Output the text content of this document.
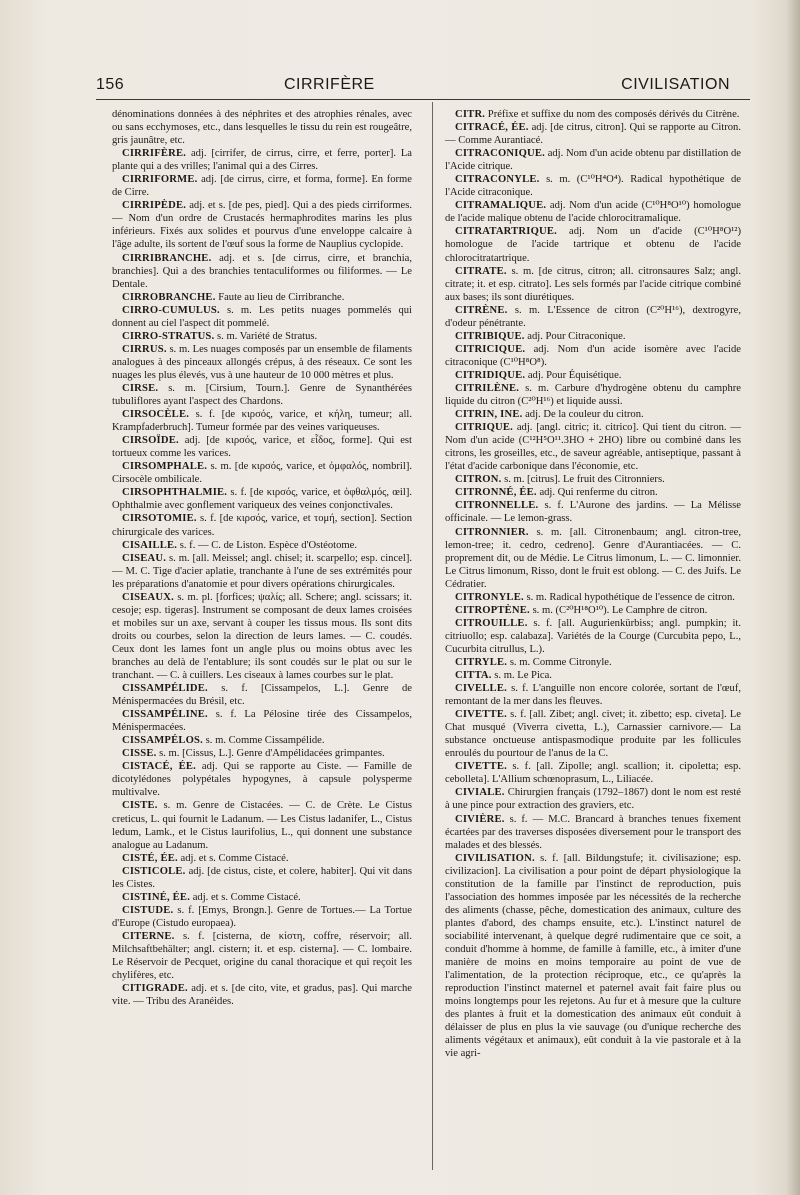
156	CIRRIFÈRE	CIVILISATION

dénominations données à des néphrites et des atrophies rénales, avec ou sans ecchymoses, etc., dans lesquelles le tissu du rein est rougeâtre, gris jaunâtre, etc.

CIRRIFÈRE. adj. [cirrifer, de cirrus, cirre, et ferre, porter]. La plante qui a des vrilles; l'animal qui a des Cirres.

CIRRIFORME. adj. [de cirrus, cirre, et forma, forme]. En forme de Cirre.

CIRRIPÈDE. adj. et s. [de pes, pied]. Qui a des pieds cirriformes. — Nom d'un ordre de Crustacés hermaphrodites marins les plus inférieurs. Fixés aux solides et pourvus d'une enveloppe calcaire à l'âge adulte, ils sortent de l'œuf sous la forme de Nauplius cyclopide.

CIRRIBRANCHE. adj. et s. [de cirrus, cirre, et branchia, branchies]. Qui a des branchies tentaculiformes ou filiformes. — Le Dentale.

CIRROBRANCHE. Faute au lieu de Cirribranche.

CIRRO-CUMULUS. s. m. Les petits nuages pommelés qui donnent au ciel l'aspect dit pommelé.

CIRRO-STRATUS. s. m. Variété de Stratus.

CIRRUS. s. m. Les nuages composés par un ensemble de filaments analogues à des pinceaux allongés crépus, à des réseaux. Ce sont les nuages les plus élevés, vus à une hauteur de 10 000 mètres et plus.

CIRSE. s. m. [Cirsium, Tourn.]. Genre de Synanthérées tubuliflores ayant l'aspect des Chardons.

CIRSOCÈLE. s. f. [de κιρσός, varice, et κήλη, tumeur; all. Krampfaderbruch]. Tumeur formée par des veines variqueuses.

CIRSOÏDE. adj. [de κιρσός, varice, et εἶδος, forme]. Qui est tortueux comme les varices.

CIRSOMPHALE. s. m. [de κιρσός, varice, et ὀμφαλός, nombril]. Cirsocèle ombilicale.

CIRSOPHTHALMIE. s. f. [de κιρσός, varice, et ὀφθαλμός, œil]. Ophthalmie avec gonflement variqueux des veines conjonctivales.

CIRSOTOMIE. s. f. [de κιρσός, varice, et τομή, section]. Section chirurgicale des varices.

CISAILLE. s. f. — C. de Liston. Espèce d'Ostéotome.

CISEAU. s. m. [all. Meissel; angl. chisel; it. scarpello; esp. cincel]. — M. C. Tige d'acier aplatie, tranchante à l'une de ses extrémités pour les préparations d'anatomie et pour divers opérations chirurgicales.

CISEAUX. s. m. pl. [forfices; ψαλίς; all. Schere; angl. scissars; it. cesoje; esp. tigeras]. Instrument se composant de deux lames croisées et mobiles sur un axe, servant à couper les tissus mous. Ils sont dits droits ou courbes, selon la direction de leurs lames. — C. coudés. Ceux dont les lames font un angle plus ou moins obtus avec les branches au delà de l'entablure; ils sont coudés sur le plat ou sur le tranchant. — C. à cuillers. Les ciseaux à lames courbes sur le plat.

CISSAMPÉLIDE. s. f. [Cissampelos, L.]. Genre de Ménispermacées du Brésil, etc.

CISSAMPÉLINE. s. f. La Pélosine tirée des Cissampelos, Ménispermacées.

CISSAMPÉLOS. s. m. Comme Cissampélide.

CISSE. s. m. [Cissus, L.]. Genre d'Ampélidacées grimpantes.

CISTACÉ, ÉE. adj. Qui se rapporte au Ciste. — Famille de dicotylédones polypétales hypogynes, à capsule polysperme multivalve.

CISTE. s. m. Genre de Cistacées. — C. de Crète. Le Cistus creticus, L. qui fournit le Ladanum. — Les Cistus ladanifer, L., Cistus ledum, Lamk., et le Cistus laurifolius, L., qui donnent une substance analogue au Ladanum.

CISTÉ, ÉE. adj. et s. Comme Cistacé.

CISTICOLE. adj. [de cistus, ciste, et colere, habiter]. Qui vit dans les Cistes.

CISTINÉ, ÉE. adj. et s. Comme Cistacé.

CISTUDE. s. f. [Emys, Brongn.]. Genre de Tortues.— La Tortue d'Europe (Cistudo europaea).

CITERNE. s. f. [cisterna, de κίστη, coffre, réservoir; all. Milchsaftbehälter; angl. cistern; it. et esp. cisterna]. — C. lombaire. Le Réservoir de Pecquet, origine du canal thoracique et qui reçoit les chylifères, etc.

CITIGRADE. adj. et s. [de cito, vite, et gradus, pas]. Qui marche vite. — Tribu des Aranéides.

CITR. Préfixe et suffixe du nom des composés dérivés du Citrène.

CITRACÉ, ÉE. adj. [de citrus, citron]. Qui se rapporte au Citron. — Comme Aurantiacé.

CITRACONIQUE. adj. Nom d'un acide obtenu par distillation de l'Acide citrique.

CITRACONYLE. s. m. (C¹⁰H⁴O⁴). Radical hypothétique de l'Acide citraconique.

CITRAMALIQUE. adj. Nom d'un acide (C¹⁰H⁸O¹⁰) homologue de l'acide malique obtenu de l'acide chlorocitramalique.

CITRATARTRIQUE. adj. Nom un d'acide (C¹⁰H⁸O¹²) homologue de l'acide tartrique et obtenu de l'acide chlorocitratartrique.

CITRATE. s. m. [de citrus, citron; all. citronsaures Salz; angl. citrate; it. et esp. citrato]. Les sels formés par l'acide citrique combiné aux bases; ils sont diurétiques.

CITRÈNE. s. m. L'Essence de citron (C²⁰H¹⁶), dextrogyre, d'odeur pénétrante.

CITRIBIQUE. adj. Pour Citraconique.

CITRICIQUE. adj. Nom d'un acide isomère avec l'acide citraconique (C¹⁰H⁸O⁸).

CITRIDIQUE. adj. Pour Équisétique.

CITRILÈNE. s. m. Carbure d'hydrogène obtenu du camphre liquide du citron (C²⁰H¹⁶) et liquide aussi.

CITRIN, INE. adj. De la couleur du citron.

CITRIQUE. adj. [angl. citric; it. citrico]. Qui tient du citron. — Nom d'un acide (C¹²H⁵O¹¹.3HO + 2HO) libre ou combiné dans les citrons, les groseilles, etc., de saveur agréable, antiseptique, passant à l'état d'acide carbonique dans l'économie, etc.

CITRON. s. m. [citrus]. Le fruit des Citronniers.

CITRONNÉ, ÉE. adj. Qui renferme du citron.

CITRONNELLE. s. f. L'Aurone des jardins. — La Mélisse officinale. — Le lemon-grass.

CITRONNIER. s. m. [all. Citronenbaum; angl. citron-tree, lemon-tree; it. cedro, cedreno]. Genre d'Aurantiacées. — C. proprement dit, ou de Médie. Le Citrus limonum, L. — C. limonnier. Le Citrus limonum, Risso, dont le fruit est oblong. — C. des Juifs. Le Cédratier.

CITRONYLE. s. m. Radical hypothétique de l'essence de citron.

CITROPTÈNE. s. m. (C²⁰H¹⁸O¹⁰). Le Camphre de citron.

CITROUILLE. s. f. [all. Augurienkürbiss; angl. pumpkin; it. citriuollo; esp. calabaza]. Variétés de la Courge (Curcubita pepo, L., Cucurbita citrullus, L.).

CITRYLE. s. m. Comme Citronyle.

CITTA. s. m. Le Pica.

CIVELLE. s. f. L'anguille non encore colorée, sortant de l'œuf, remontant de la mer dans les fleuves.

CIVETTE. s. f. [all. Zibet; angl. civet; it. zibetto; esp. civeta]. Le Chat musqué (Viverra civetta, L.), Carnassier carnivore.— La substance onctueuse antispasmodique produite par les follicules enroulés du pourtour de l'anus de la C.

CIVETTE. s. f. [all. Zipolle; angl. scallion; it. cipoletta; esp. cebolleta]. L'Allium schœnoprasum, L., Liliacée.

CIVIALE. Chirurgien français (1792–1867) dont le nom est resté à une pince pour extraction des graviers, etc.

CIVIÈRE. s. f. — M.C. Brancard à branches tenues fixement écartées par des traverses disposées diversement pour le transport des malades et des blessés.

CIVILISATION. s. f. [all. Bildungstufe; it. civilisazione; esp. civilizacion]. La civilisation a pour point de départ physiologique la constitution de la famille par l'instinct de reproduction, puis l'association des hommes imposée par les nécessités de la recherche des aliments (chasse, pêche, domestication des animaux, culture des plantes d'abord, des champs ensuite, etc.). L'instinct naturel de sociabilité intervenant, à quelque degré rudimentaire que ce soit, a conduit d'homme à homme, de famille à famille, etc., à imiter d'une manière de moins en moins temporaire au point de vue de l'alimentation, de la protection réciproque, etc., ce qu'après la reproduction l'instinct maternel et paternel avait fait faire plus ou moins longtemps pour les rejetons. Au fur et à mesure que la culture des plantes à fruit et la domestication des animaux eût conduit à délaisser de plus en plus la vie sauvage (ou d'unique recherche des aliments végétaux et animaux), eût conduit à la vie pastorale et à la vie agri-
